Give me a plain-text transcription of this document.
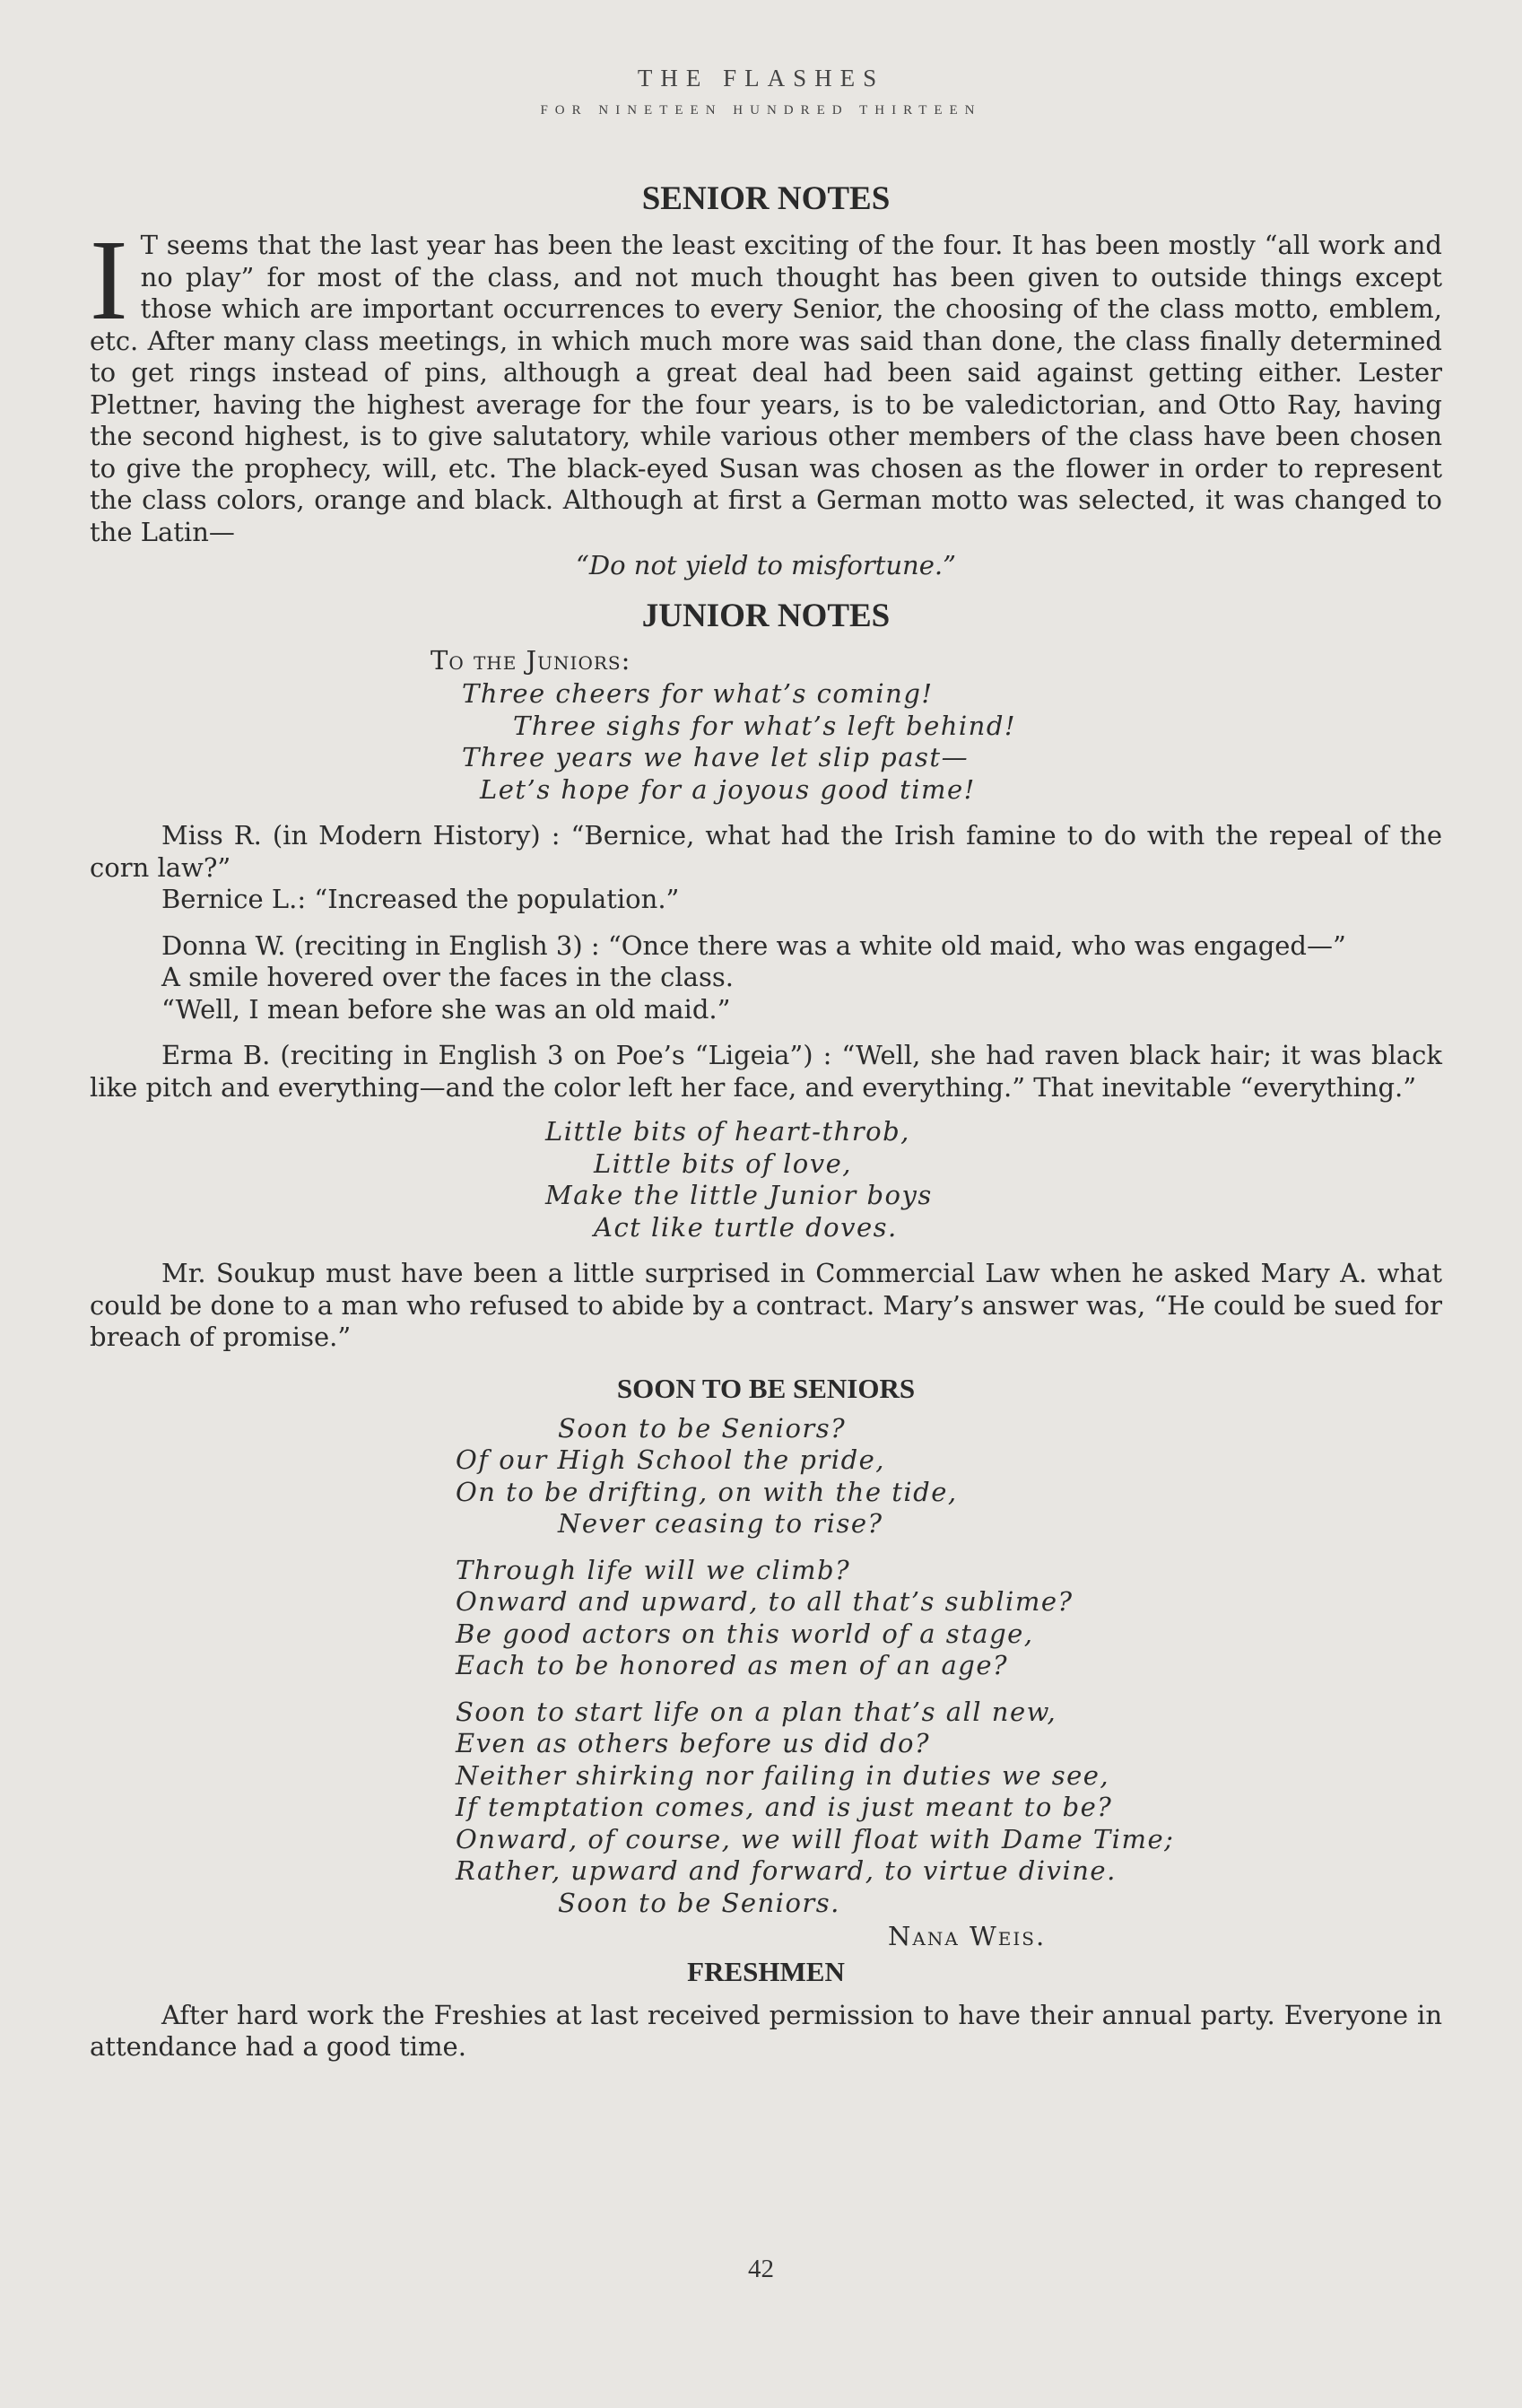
THE FLASHES
FOR NINETEEN HUNDRED THIRTEEN
SENIOR NOTES

I T seems that the last year has been the least exciting of the four. It has been mostly “all work and no play” for most of the class, and not much thought has been given to outside things except those which are important occurrences to every Senior, the choosing of the class motto, emblem, etc. After many class meetings, in which much more was said than done, the class finally determined to get rings instead of pins, although a great deal had been said against getting either. Lester Plettner, having the highest average for the four years, is to be valedictorian, and Otto Ray, having the second highest, is to give salutatory, while various other members of the class have been chosen to give the prophecy, will, etc. The black-eyed Susan was chosen as the flower in order to represent the class colors, orange and black. Although at first a German motto was selected, it was changed to the Latin—

“Do not yield to misfortune.”

JUNIOR NOTES

To the Juniors:

Three cheers for what’s coming!
Three sighs for what’s left behind!
Three years we have let slip past—
Let’s hope for a joyous good time!

Miss R. (in Modern History) : “Bernice, what had the Irish famine to do with the repeal of the corn law?”

Bernice L.: “Increased the population.”

Donna W. (reciting in English 3) : “Once there was a white old maid, who was engaged—”

A smile hovered over the faces in the class.

“Well, I mean before she was an old maid.”

Erma B. (reciting in English 3 on Poe’s “Ligeia”) : “Well, she had raven black hair; it was black like pitch and everything—and the color left her face, and everything.” That inevitable “everything.”

Little bits of heart-throb,
Little bits of love,
Make the little Junior boys
Act like turtle doves.

Mr. Soukup must have been a little surprised in Commercial Law when he asked Mary A. what could be done to a man who refused to abide by a contract. Mary’s answer was, “He could be sued for breach of promise.”

SOON TO BE SENIORS
Soon to be Seniors?
Of our High School the pride,
On to be drifting, on with the tide,
Never ceasing to rise?
Through life will we climb?
Onward and upward, to all that’s sublime?
Be good actors on this world of a stage,
Each to be honored as men of an age?
Soon to start life on a plan that’s all new,
Even as others before us did do?
Neither shirking nor failing in duties we see,
If temptation comes, and is just meant to be?
Onward, of course, we will float with Dame Time;
Rather, upward and forward, to virtue divine.
Soon to be Seniors.

Nana Weis.

FRESHMEN

After hard work the Freshies at last received permission to have their annual party. Everyone in attendance had a good time.

42
